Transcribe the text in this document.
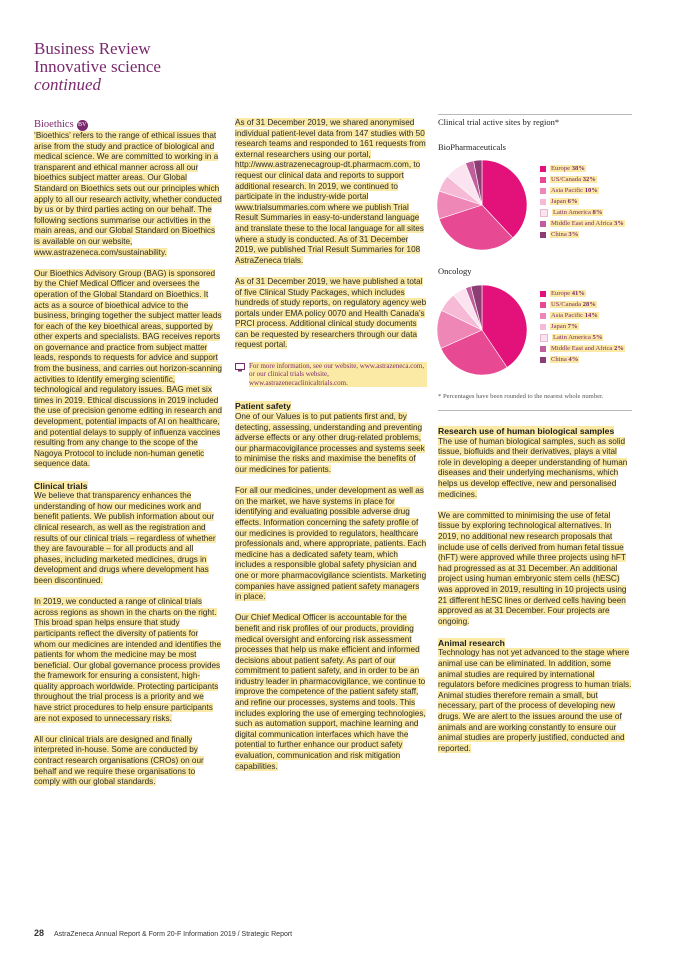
Business Review
Innovative science
continued
Bioethics BV

‘Bioethics’ refers to the range of ethical issues that arise from the study and practice of biological and medical science. We are committed to working in a transparent and ethical manner across all our bioethics subject matter areas. Our Global Standard on Bioethics sets out our principles which apply to all our research activity, whether conducted by us or by third parties acting on our behalf. The following sections summarise our activities in the main areas, and our Global Standard on Bioethics is available on our website, www.astrazeneca.com/sustainability.

Our Bioethics Advisory Group (BAG) is sponsored by the Chief Medical Officer and oversees the operation of the Global Standard on Bioethics. It acts as a source of bioethical advice to the business, bringing together the subject matter leads for each of the key bioethical areas, supported by other experts and specialists. BAG receives reports on governance and practice from subject matter leads, responds to requests for advice and support from the business, and carries out horizon-scanning activities to identify emerging scientific, technological and regulatory issues. BAG met six times in 2019. Ethical discussions in 2019 included the use of precision genome editing in research and development, potential impacts of AI on healthcare, and potential delays to supply of influenza vaccines resulting from any change to the scope of the Nagoya Protocol to include non-human genetic sequence data.

Clinical trials

We believe that transparency enhances the understanding of how our medicines work and benefit patients. We publish information about our clinical research, as well as the registration and results of our clinical trials – regardless of whether they are favourable – for all products and all phases, including marketed medicines, drugs in development and drugs where development has been discontinued.

In 2019, we conducted a range of clinical trials across regions as shown in the charts on the right. This broad span helps ensure that study participants reflect the diversity of patients for whom our medicines are intended and identifies the patients for whom the medicine may be most beneficial. Our global governance process provides the framework for ensuring a consistent, high-quality approach worldwide. Protecting participants throughout the trial process is a priority and we have strict procedures to help ensure participants are not exposed to unnecessary risks.

All our clinical trials are designed and finally interpreted in-house. Some are conducted by contract research organisations (CROs) on our behalf and we require these organisations to comply with our global standards.

As of 31 December 2019, we shared anonymised individual patient-level data from 147 studies with 50 research teams and responded to 161 requests from external researchers using our portal, http://www.astrazenecagroup-dt.pharmacm.com, to request our clinical data and reports to support additional research. In 2019, we continued to participate in the industry-wide portal www.trialsummaries.com where we publish Trial Result Summaries in easy-to-understand language and translate these to the local language for all sites where a study is conducted. As of 31 December 2019, we published Trial Result Summaries for 108 AstraZeneca trials.

As of 31 December 2019, we have published a total of five Clinical Study Packages, which includes hundreds of study reports, on regulatory agency web portals under EMA policy 0070 and Health Canada’s PRCI process. Additional clinical study documents can be requested by researchers through our data request portal.

For more information, see our website, www.astrazeneca.com, or our clinical trials website, www.astrazenecaclinicaltrials.com.
Patient safety

One of our Values is to put patients first and, by detecting, assessing, understanding and preventing adverse effects or any other drug-related problems, our pharmacovigilance processes and systems seek to minimise the risks and maximise the benefits of our medicines for patients.

For all our medicines, under development as well as on the market, we have systems in place for identifying and evaluating possible adverse drug effects. Information concerning the safety profile of our medicines is provided to regulators, healthcare professionals and, where appropriate, patients. Each medicine has a dedicated safety team, which includes a responsible global safety physician and one or more pharmacovigilance scientists. Marketing companies have assigned patient safety managers in place.

Our Chief Medical Officer is accountable for the benefit and risk profiles of our products, providing medical oversight and enforcing risk assessment processes that help us make efficient and informed decisions about patient safety. As part of our commitment to patient safety, and in order to be an industry leader in pharmacovigilance, we continue to improve the competence of the patient safety staff, and refine our processes, systems and tools. This includes exploring the use of emerging technologies, such as automation support, machine learning and digital communication interfaces which have the potential to further enhance our product safety evaluation, communication and risk mitigation capabilities.

Clinical trial active sites by region*
BioPharmaceuticals
Europe 38%
US/Canada 32%
Asia Pacific 10%
Japan 6%
Latin America 8%
Middle East and Africa 3%
China 3%
Oncology
Europe 41%
US/Canada 28%
Asia Pacific 14%
Japan 7%
Latin America 5%
Middle East and Africa 2%
China 4%
* Percentages have been rounded to the nearest whole number.
Research use of human biological samples

The use of human biological samples, such as solid tissue, biofluids and their derivatives, plays a vital role in developing a deeper understanding of human diseases and their underlying mechanisms, which helps us develop effective, new and personalised medicines.

We are committed to minimising the use of fetal tissue by exploring technological alternatives. In 2019, no additional new research proposals that include use of cells derived from human fetal tissue (hFT) were approved while three projects using hFT had progressed as at 31 December. An additional project using human embryonic stem cells (hESC) was approved in 2019, resulting in 10 projects using 21 different hESC lines or derived cells having been approved as at 31 December. Four projects are ongoing.

Animal research

Technology has not yet advanced to the stage where animal use can be eliminated. In addition, some animal studies are required by international regulators before medicines progress to human trials. Animal studies therefore remain a small, but necessary, part of the process of developing new drugs. We are alert to the issues around the use of animals and are working constantly to ensure our animal studies are properly justified, conducted and reported.

28 AstraZeneca Annual Report & Form 20-F Information 2019 / Strategic Report
